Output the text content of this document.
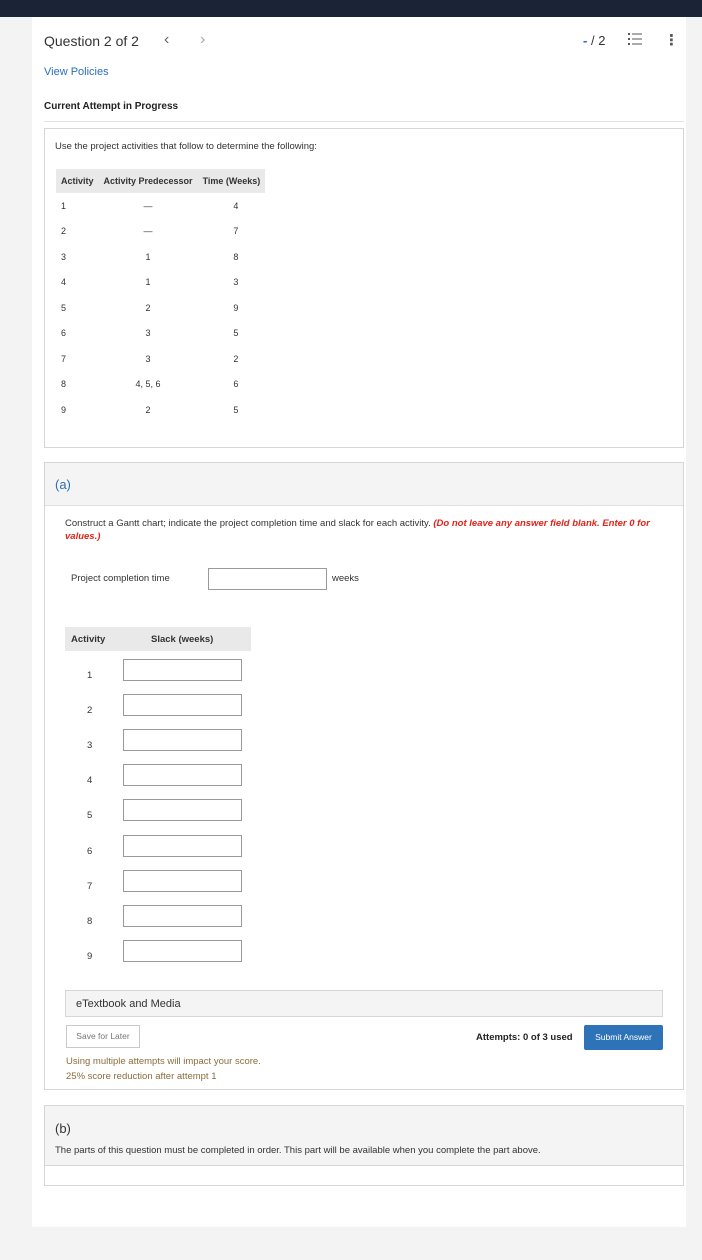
Question 2 of 2 ‹ ›	- / 2	⋮
View Policies
Current Attempt in Progress
Use the project activities that follow to determine the following:
Activity	Activity Predecessor	Time (Weeks)
1	—	4
2	—	7
3	1	8
4	1	3
5	2	9
6	3	5
7	3	2
8	4, 5, 6	6
9	2	5
(a)
Construct a Gantt chart; indicate the project completion time and slack for each activity. (Do not leave any answer field blank. Enter 0 for values.)
Project completion time	weeks
Activity	Slack (weeks)
1
2
3
4
5
6
7
8
9
eTextbook and Media
Save for Later	Attempts: 0 of 3 used	Submit Answer
Using multiple attempts will impact your score.
25% score reduction after attempt 1
(b)
The parts of this question must be completed in order. This part will be available when you complete the part above.
